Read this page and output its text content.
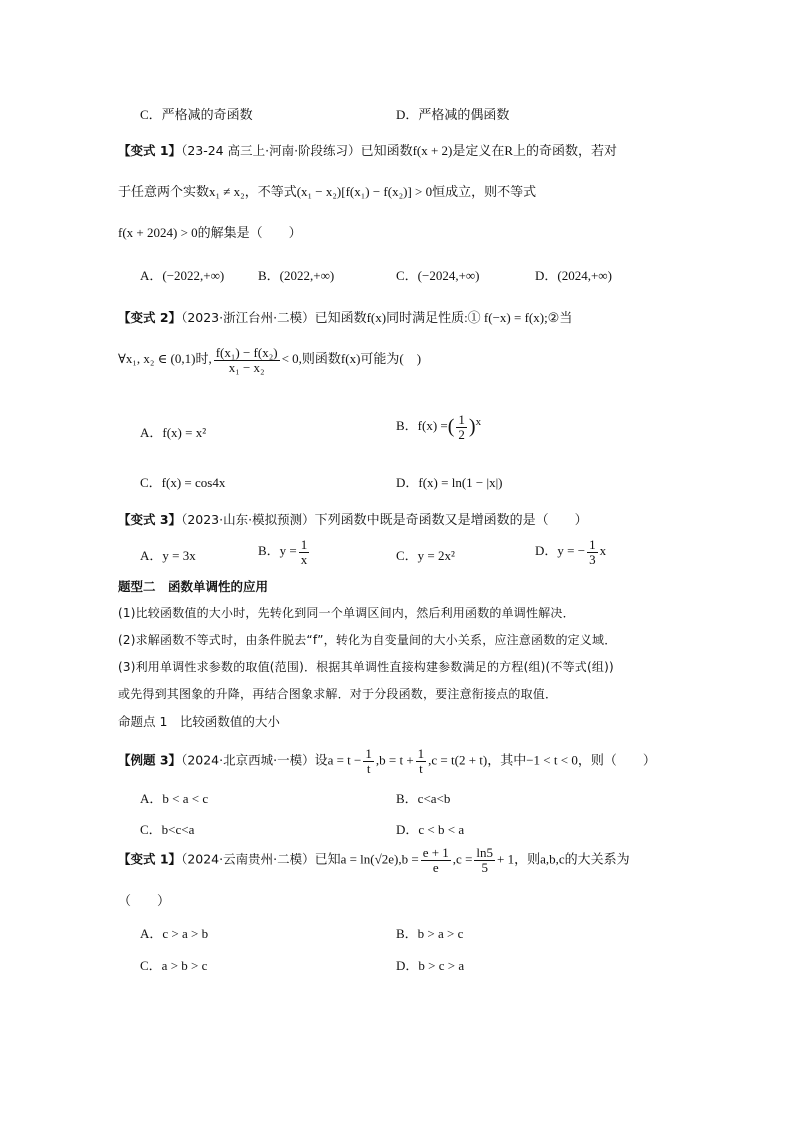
C．严格减的奇函数	D．严格减的偶函数
【变式 1】（23-24 高三上·河南·阶段练习）已知函数f(x + 2)是定义在R上的奇函数，若对
于任意两个实数x₁ ≠ x₂，不等式(x₁ − x₂)[f(x₁) − f(x₂)] > 0恒成立，则不等式
f(x + 2024) > 0的解集是（　　）
A．(−2022,+∞)	B．(2022,+∞)	C．(−2024,+∞)	D．(2024,+∞)
【变式 2】（2023·浙江台州·二模）已知函数f(x)同时满足性质:① f(−x) = f(x);②当
∀x₁, x₂ ∈ (0,1)时, $\frac{\text{f(x₁) − f(x₂)}}{\text{x₁ − x₂}} < 0$,则函数f(x)可能为(　)
A．f(x) = x²	B．f(x) =( $\frac{1}{2} )^x$
C．f(x) = cos4x	D．f(x) = ln(1 − |x|)
【变式 3】（2023·山东·模拟预测）下列函数中既是奇函数又是增函数的是（　　）
A．y = 3x	B．$y = \frac{1}{x}$	C．y = 2x²	D．y = − $\frac{1}{3}$ x
题型二　函数单调性的应用
(1)比较函数值的大小时，先转化到同一个单调区间内，然后利用函数的单调性解决．
(2)求解函数不等式时，由条件脱去“f”，转化为自变量间的大小关系，应注意函数的定义域．
(3)利用单调性求参数的取值(范围)．根据其单调性直接构建参数满足的方程(组)(不等式(组))
或先得到其图象的升降，再结合图象求解．对于分段函数，要注意衔接点的取值．
命题点 1　比较函数值的大小
【例题 3】（2024·北京西城·一模）设$a = t - \frac{1}{t} ,b = t + \frac{1}{t} ,c = t(2 + t)$，其中−1 < t < 0，则（　　）
A．b < a < c	B．c<a<b
C．b<c<a	D．c < b < a
【变式 1】（2024·云南贵州·二模）已知$a = \ln(√2e),b = \frac{e + 1}{e} ,c = \frac{\ln 5}{5} + 1$，则a,b,c的大关系为
（　　）
A．c > a > b	B．b > a > c
C．a > b > c	D．b > c > a
